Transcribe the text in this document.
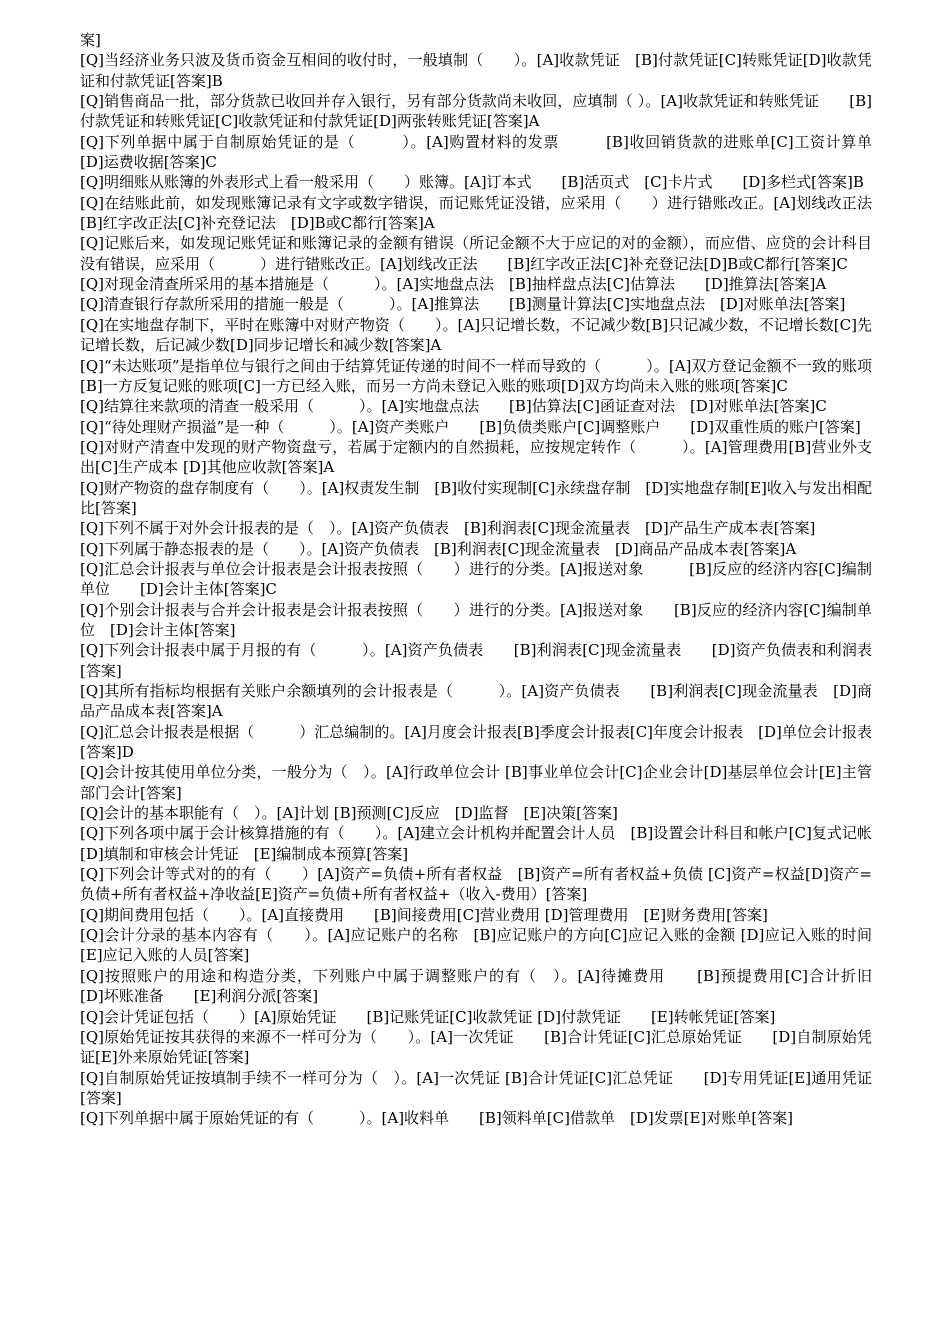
案]

[Q]当经济业务只波及货币资金互相间的收付时，一般填制（　　）。[A]收款凭证　[B]付款凭证[C]转账凭证[D]收款凭证和付款凭证[答案]B

[Q]销售商品一批，部分货款已收回并存入银行，另有部分货款尚未收回，应填制（ ）。[A]收款凭证和转账凭证　　[B]付款凭证和转账凭证[C]收款凭证和付款凭证[D]两张转账凭证[答案]A

[Q]下列单据中属于自制原始凭证的是（　　　）。[A]购置材料的发票　　　[B]收回销货款的进账单[C]工资计算单　　[D]运费收据[答案]C

[Q]明细账从账簿的外表形式上看一般采用（　　）账簿。[A]订本式　　[B]活页式　[C]卡片式　　[D]多栏式[答案]B

[Q]在结账此前，如发现账簿记录有文字或数字错误，而记账凭证没错，应采用（　　）进行错账改正。[A]划线改正法　　[B]红字改正法[C]补充登记法　[D]B或C都行[答案]A

[Q]记账后来，如发现记账凭证和账簿记录的金额有错误（所记金额不大于应记的对的金额），而应借、应贷的会计科目没有错误，应采用（　　　）进行错账改正。[A]划线改正法　　[B]红字改正法[C]补充登记法[D]B或C都行[答案]C

[Q]对现金清查所采用的基本措施是（　　　）。[A]实地盘点法　[B]抽样盘点法[C]估算法　　[D]推算法[答案]A

[Q]清查银行存款所采用的措施一般是（　　　）。[A]推算法　　[B]测量计算法[C]实地盘点法　[D]对账单法[答案]

[Q]在实地盘存制下，平时在账簿中对财产物资（　　）。[A]只记增长数，不记减少数[B]只记减少数，不记增长数[C]先记增长数，后记减少数[D]同步记增长和减少数[答案]A

[Q]“未达账项”是指单位与银行之间由于结算凭证传递的时间不一样而导致的（　　　）。[A]双方登记金额不一致的账项[B]一方反复记账的账项[C]一方已经入账，而另一方尚未登记入账的账项[D]双方均尚未入账的账项[答案]C

[Q]结算往来款项的清查一般采用（　　　）。[A]实地盘点法　　[B]估算法[C]函证查对法　[D]对账单法[答案]C

[Q]“待处理财产损溢”是一种（　　　）。[A]资产类账户　　[B]负债类账户[C]调整账户　　[D]双重性质的账户[答案]

[Q]对财产清查中发现的财产物资盘亏，若属于定额内的自然损耗，应按规定转作（　　　）。[A]管理费用[B]营业外支出[C]生产成本 [D]其他应收款[答案]A

[Q]财产物资的盘存制度有（　　）。[A]权责发生制　[B]收付实现制[C]永续盘存制　[D]实地盘存制[E]收入与发出相配比[答案]

[Q]下列不属于对外会计报表的是（　）。[A]资产负债表　[B]利润表[C]现金流量表　[D]产品生产成本表[答案]

[Q]下列属于静态报表的是（　　）。[A]资产负债表　[B]利润表[C]现金流量表　[D]商品产品成本表[答案]A

[Q]汇总会计报表与单位会计报表是会计报表按照（　　）进行的分类。[A]报送对象　　　[B]反应的经济内容[C]编制单位　　[D]会计主体[答案]C

[Q]个别会计报表与合并会计报表是会计报表按照（　　）进行的分类。[A]报送对象　　[B]反应的经济内容[C]编制单位　[D]会计主体[答案]

[Q]下列会计报表中属于月报的有（　　　）。[A]资产负债表　　[B]利润表[C]现金流量表　　[D]资产负债表和利润表[答案]

[Q]其所有指标均根据有关账户余额填列的会计报表是（　　　）。[A]资产负债表　　[B]利润表[C]现金流量表　[D]商品产品成本表[答案]A

[Q]汇总会计报表是根据（　　　）汇总编制的。[A]月度会计报表[B]季度会计报表[C]年度会计报表　[D]单位会计报表[答案]D

[Q]会计按其使用单位分类，一般分为（　）。[A]行政单位会计 [B]事业单位会计[C]企业会计[D]基层单位会计[E]主管部门会计[答案]

[Q]会计的基本职能有（　）。[A]计划 [B]预测[C]反应　[D]监督　[E]决策[答案]

[Q]下列各项中属于会计核算措施的有（　　）。[A]建立会计机构并配置会计人员　[B]设置会计科目和帐户[C]复式记帐[D]填制和审核会计凭证　[E]编制成本预算[答案]

[Q]下列会计等式对的的有（　　）[A]资产=负债+所有者权益　[B]资产=所有者权益+负债 [C]资产=权益[D]资产=负债+所有者权益+净收益[E]资产=负债+所有者权益+（收入-费用）[答案]

[Q]期间费用包括（　　）。[A]直接费用　　[B]间接费用[C]营业费用 [D]管理费用　[E]财务费用[答案]

[Q]会计分录的基本内容有（　　）。[A]应记账户的名称　[B]应记账户的方向[C]应记入账的金额 [D]应记入账的时间[E]应记入账的人员[答案]

[Q]按照账户的用途和构造分类，下列账户中属于调整账户的有（　）。[A]待摊费用　　[B]预提费用[C]合计折旧　　[D]坏账准备　　[E]利润分派[答案]

[Q]会计凭证包括（　　）[A]原始凭证　　[B]记账凭证[C]收款凭证 [D]付款凭证　　[E]转帐凭证[答案]

[Q]原始凭证按其获得的来源不一样可分为（　　）。[A]一次凭证　　[B]合计凭证[C]汇总原始凭证　　[D]自制原始凭证[E]外来原始凭证[答案]

[Q]自制原始凭证按填制手续不一样可分为（　）。[A]一次凭证 [B]合计凭证[C]汇总凭证　　[D]专用凭证[E]通用凭证[答案]

[Q]下列单据中属于原始凭证的有（　　　）。[A]收料单　　[B]领料单[C]借款单　[D]发票[E]对账单[答案]
